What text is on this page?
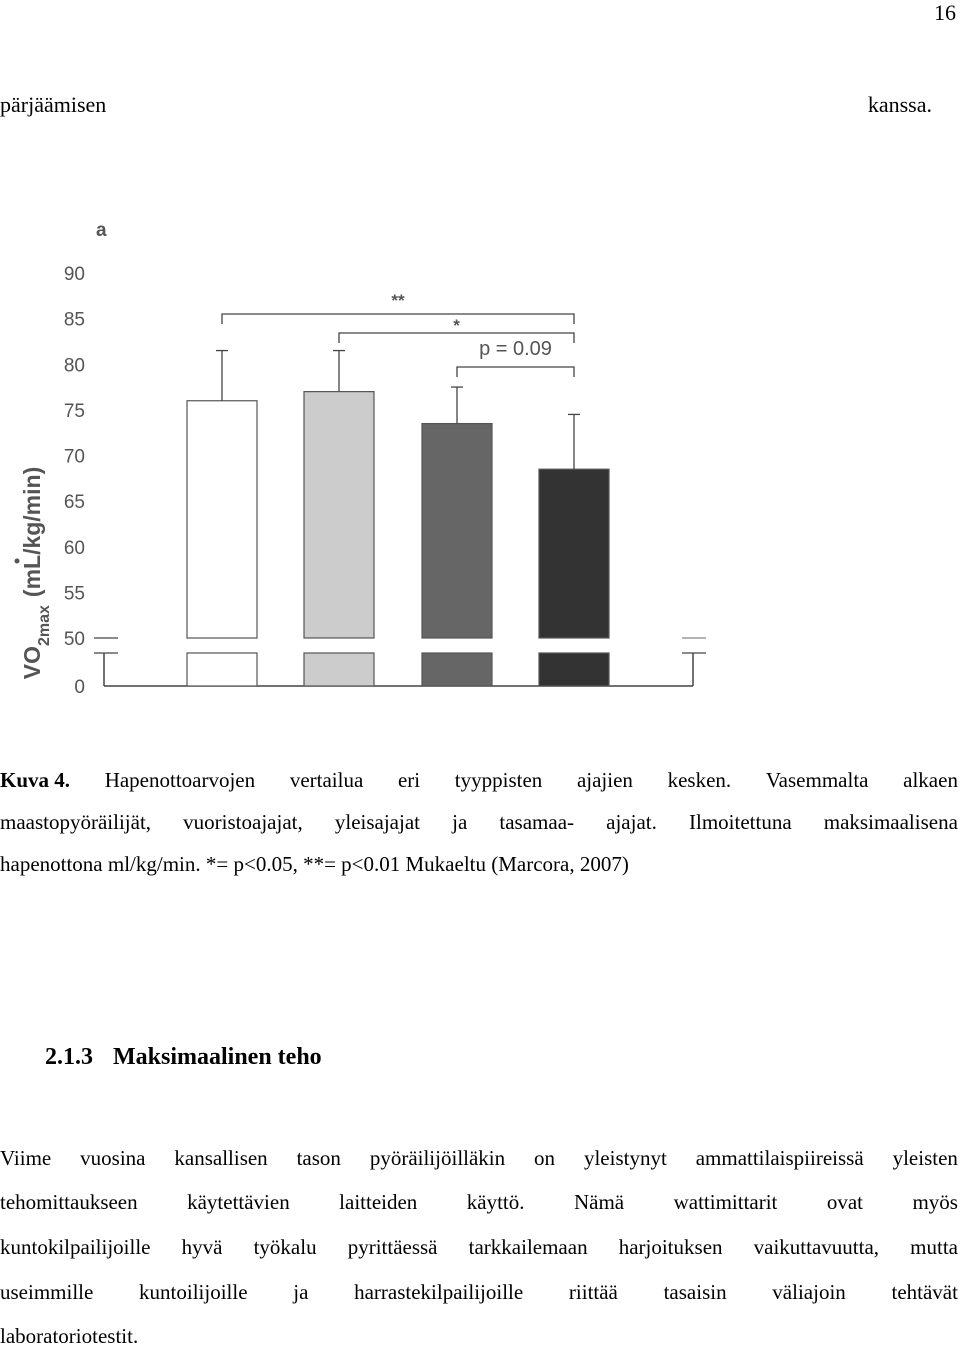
16
pärjäämisen	kanssa.
a
$VO_{2max}(mL/kg/\min)$
0
50
55
60
65
70
75
80
85
90
**
*
p = 0.09
Kuva 4. Hapenottoarvojen vertailua eri tyyppisten ajajien kesken. Vasemmalta alkaen
maastopyöräilijät, vuoristoajajat, yleisajajat ja tasamaa- ajajat. Ilmoitettuna maksimaalisena
hapenottona ml/kg/min. *= p<0.05, **= p<0.01 Mukaeltu (Marcora, 2007)
2.1.3 Maksimaalinen teho
Viime vuosina kansallisen tason pyöräilijöilläkin on yleistynyt ammattilaispiireissä yleisten
tehomittaukseen käytettävien laitteiden käyttö. Nämä wattimittarit ovat myös
kuntokilpailijoille hyvä työkalu pyrittäessä tarkkailemaan harjoituksen vaikuttavuutta, mutta
useimmille kuntoilijoille ja harrastekilpailijoille riittää tasaisin väliajoin tehtävät
laboratoriotestit.
